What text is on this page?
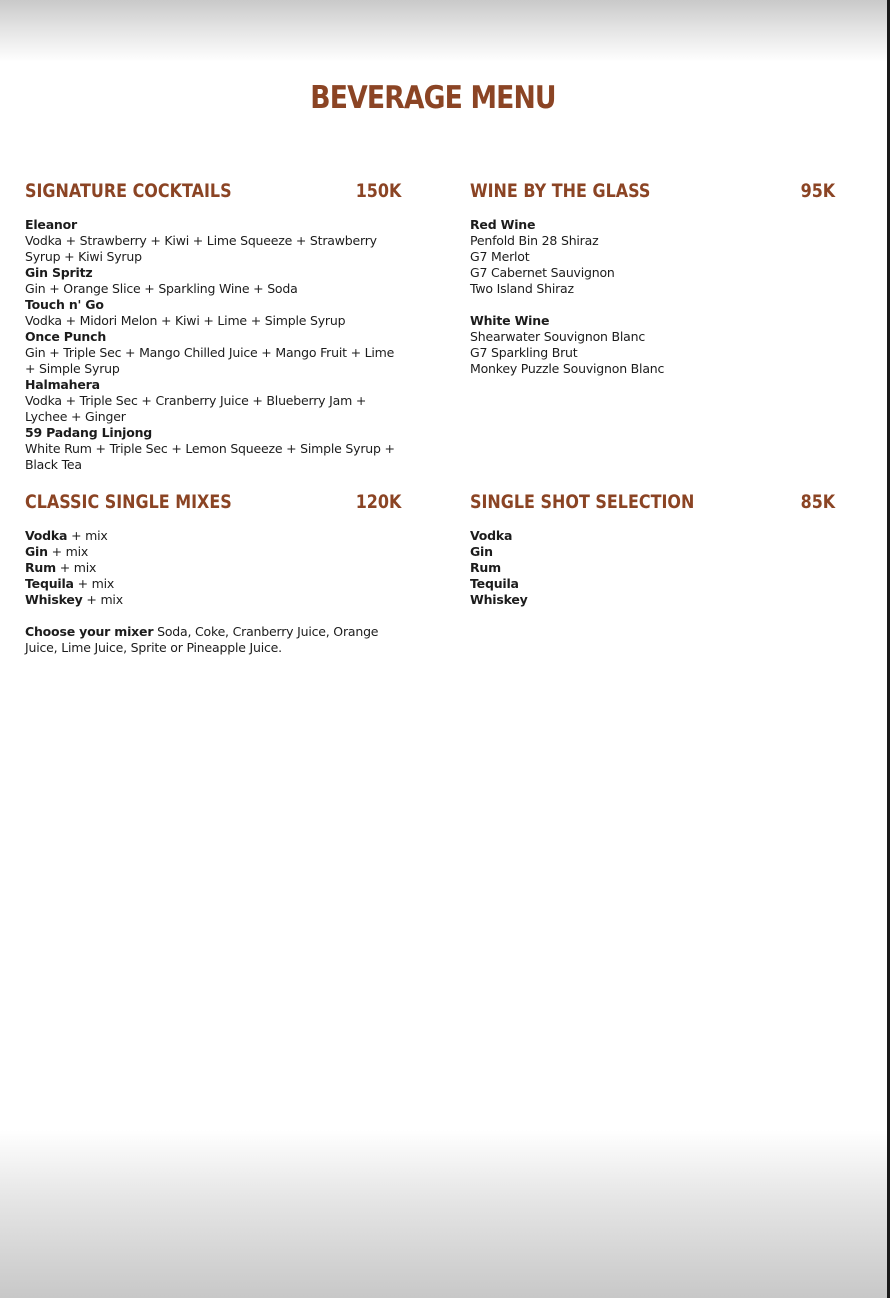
BEVERAGE MENU
SIGNATURE COCKTAILS	150K
Eleanor
Vodka + Strawberry + Kiwi + Lime Squeeze + Strawberry Syrup + Kiwi Syrup
Gin Spritz
Gin + Orange Slice + Sparkling Wine + Soda
Touch n' Go
Vodka + Midori Melon + Kiwi + Lime + Simple Syrup
Once Punch
Gin + Triple Sec + Mango Chilled Juice + Mango Fruit + Lime + Simple Syrup
Halmahera
Vodka + Triple Sec + Cranberry Juice + Blueberry Jam + Lychee + Ginger
59 Padang Linjong
White Rum + Triple Sec + Lemon Squeeze + Simple Syrup + Black Tea
WINE BY THE GLASS	95K
Red Wine
Penfold Bin 28 Shiraz
G7 Merlot
G7 Cabernet Sauvignon
Two Island Shiraz
White Wine
Shearwater Souvignon Blanc
G7 Sparkling Brut
Monkey Puzzle Souvignon Blanc
CLASSIC SINGLE MIXES	120K
Vodka + mix
Gin + mix
Rum + mix
Tequila + mix
Whiskey + mix
Choose your mixer Soda, Coke, Cranberry Juice, Orange Juice, Lime Juice, Sprite or Pineapple Juice.
SINGLE SHOT SELECTION	85K
Vodka
Gin
Rum
Tequila
Whiskey
